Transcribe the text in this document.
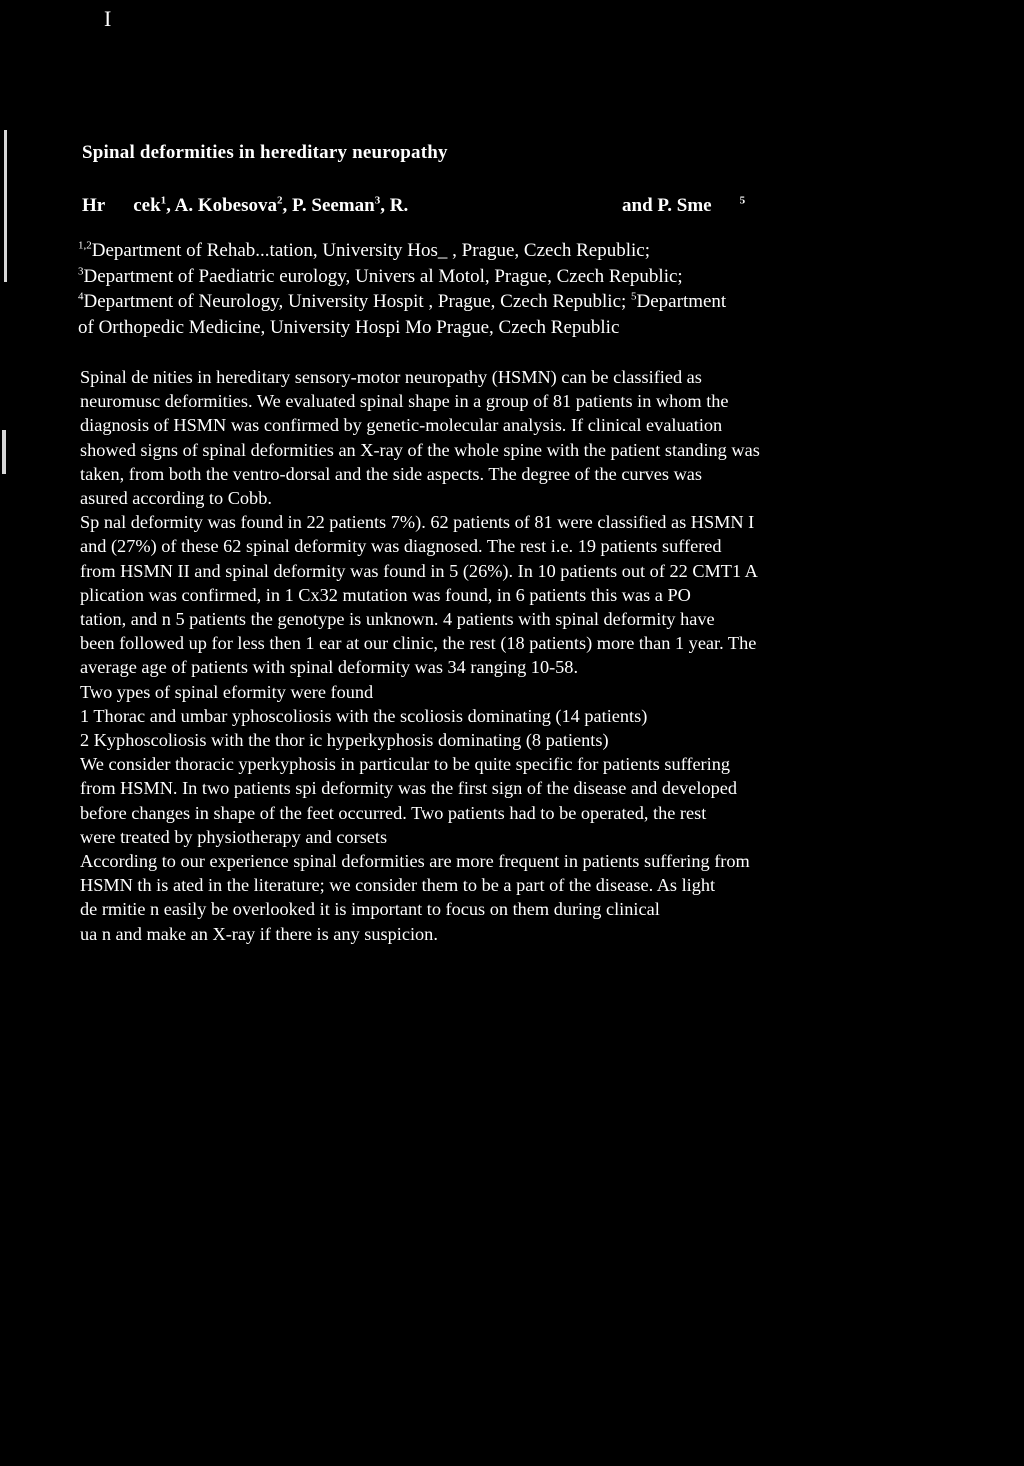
I
Spinal deformities in hereditary neuropathy
Hr cek$^1$, A. Kobesova$^2$, P. Seeman$^3$, R.	and P. Sme	$^5$
$^{1,2}$Department of Rehab...tation, University Hos_ , Prague, Czech Republic;
$^3$Department of Paediatric eurology, Univers al Motol, Prague, Czech Republic;
$^4$Department of Neurology, University Hospit , Prague, Czech Republic; $^5$Department
of Orthopedic Medicine, University Hospi Mo Prague, Czech Republic
Spinal de nities in hereditary sensory-motor neuropathy (HSMN) can be classified as
neuromusc deformities. We evaluated spinal shape in a group of 81 patients in whom the
diagnosis of HSMN was confirmed by genetic-molecular analysis. If clinical evaluation
showed signs of spinal deformities an X-ray of the whole spine with the patient standing was
taken, from both the ventro-dorsal and the side aspects. The degree of the curves was
asured according to Cobb.
Sp nal deformity was found in 22 patients 7%). 62 patients of 81 were classified as HSMN I
and (27%) of these 62 spinal deformity was diagnosed. The rest i.e. 19 patients suffered
from HSMN II and spinal deformity was found in 5 (26%). In 10 patients out of 22 CMT1 A
plication was confirmed, in 1 Cx32 mutation was found, in 6 patients this was a PO
tation, and n 5 patients the genotype is unknown. 4 patients with spinal deformity have
been followed up for less then 1 ear at our clinic, the rest (18 patients) more than 1 year. The
average age of patients with spinal deformity was 34 ranging 10-58.
Two ypes of spinal eformity were found
1 Thorac and umbar yphoscoliosis with the scoliosis dominating (14 patients)
2 Kyphoscoliosis with the thor ic hyperkyphosis dominating (8 patients)
We consider thoracic yperkyphosis in particular to be quite specific for patients suffering
from HSMN. In two patients spi deformity was the first sign of the disease and developed
before changes in shape of the feet occurred. Two patients had to be operated, the rest
were treated by physiotherapy and corsets
According to our experience spinal deformities are more frequent in patients suffering from
HSMN th is ated in the literature; we consider them to be a part of the disease. As light
de rmitie n easily be overlooked it is important to focus on them during clinical
ua n and make an X-ray if there is any suspicion.
